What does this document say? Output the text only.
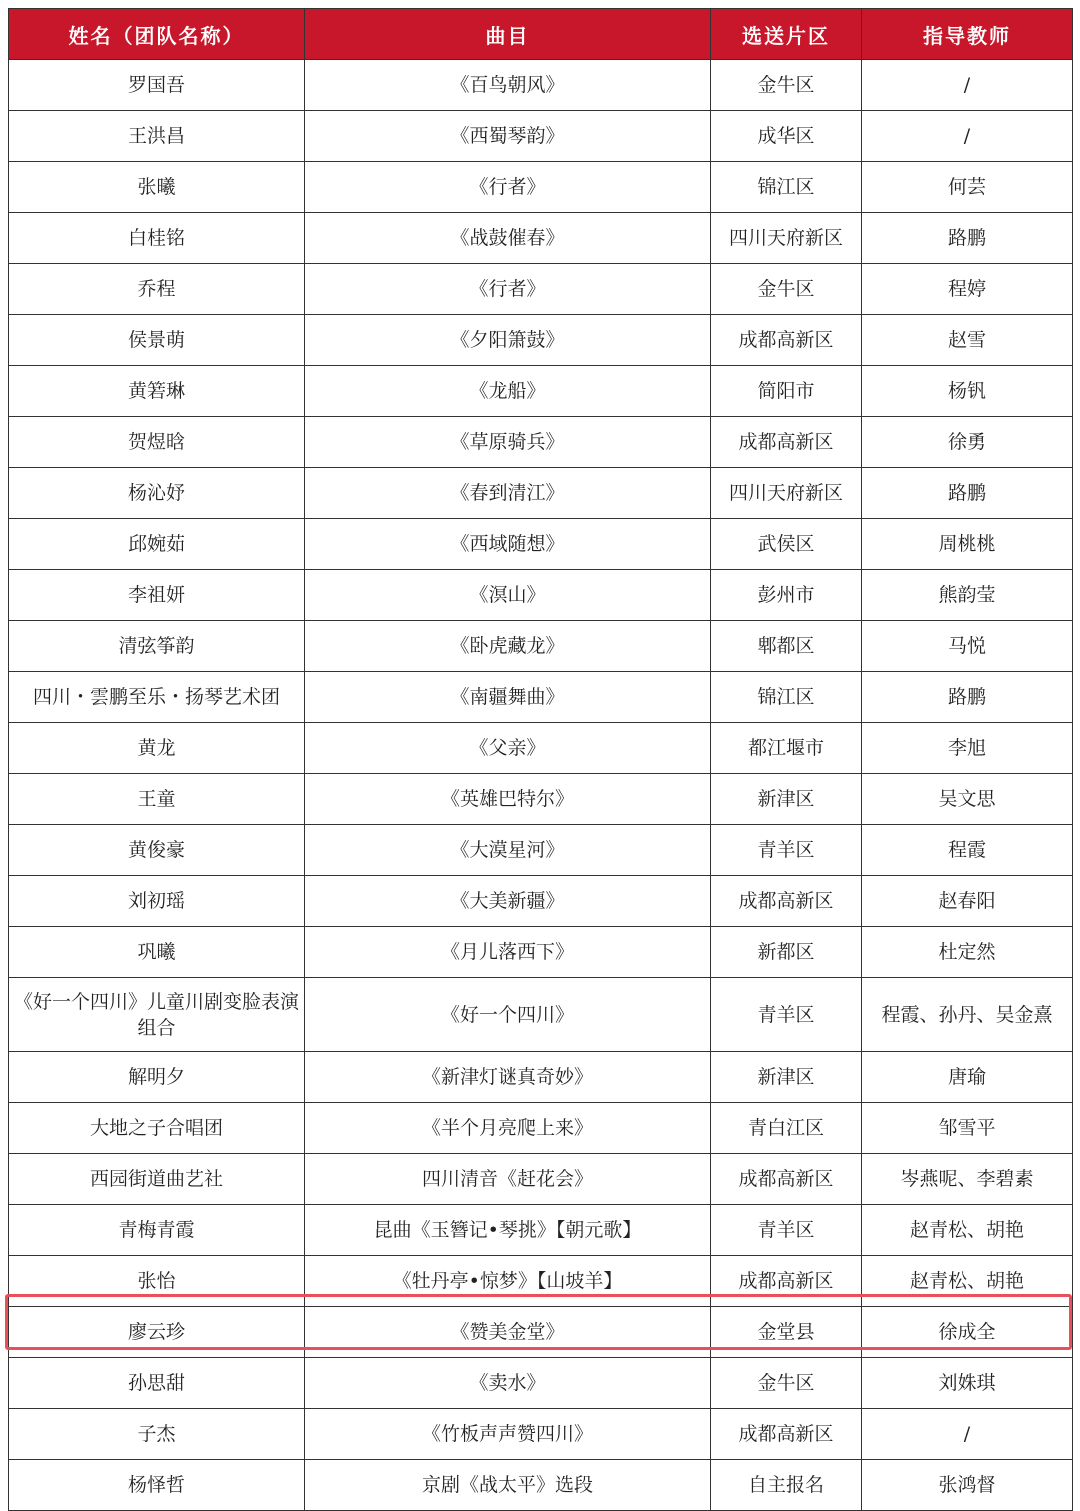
姓名（团队名称）	曲目	选送片区	指导教师
罗国吾	《百鸟朝风》	金牛区	/
王洪昌	《西蜀琴韵》	成华区	/
张曦	《行者》	锦江区	何芸
白桂铭	《战鼓催春》	四川天府新区	路鹏
乔程	《行者》	金牛区	程婷
侯景萌	《夕阳箫鼓》	成都高新区	赵雪
黄箬琳	《龙船》	简阳市	杨钒
贺煜晗	《草原骑兵》	成都高新区	徐勇
杨沁妤	《春到清江》	四川天府新区	路鹏
邱婉茹	《西域随想》	武侯区	周桃桃
李祖妍	《溟山》	彭州市	熊韵莹
清弦筝韵	《卧虎藏龙》	郫都区	马悦
四川・雲鹏至乐・扬琴艺术团	《南疆舞曲》	锦江区	路鹏
黄龙	《父亲》	都江堰市	李旭
王童	《英雄巴特尔》	新津区	吴文思
黄俊豪	《大漠星河》	青羊区	程霞
刘初瑶	《大美新疆》	成都高新区	赵春阳
巩曦	《月儿落西下》	新都区	杜定然
《好一个四川》儿童川剧变脸表演组合	《好一个四川》	青羊区	程霞、孙丹、吴金熹
解明夕	《新津灯谜真奇妙》	新津区	唐瑜
大地之子合唱团	《半个月亮爬上来》	青白江区	邹雪平
西园街道曲艺社	四川清音《赶花会》	成都高新区	岑燕呢、李碧素
青梅青霞	昆曲《玉簪记•琴挑》【朝元歌】	青羊区	赵青松、胡艳
张怡	《牡丹亭•惊梦》【山坡羊】	成都高新区	赵青松、胡艳
廖云珍	《赞美金堂》	金堂县	徐成全
孙思甜	《卖水》	金牛区	刘姝琪
子杰	《竹板声声赞四川》	成都高新区	/
杨怿哲	京剧《战太平》选段	自主报名	张鸿督
